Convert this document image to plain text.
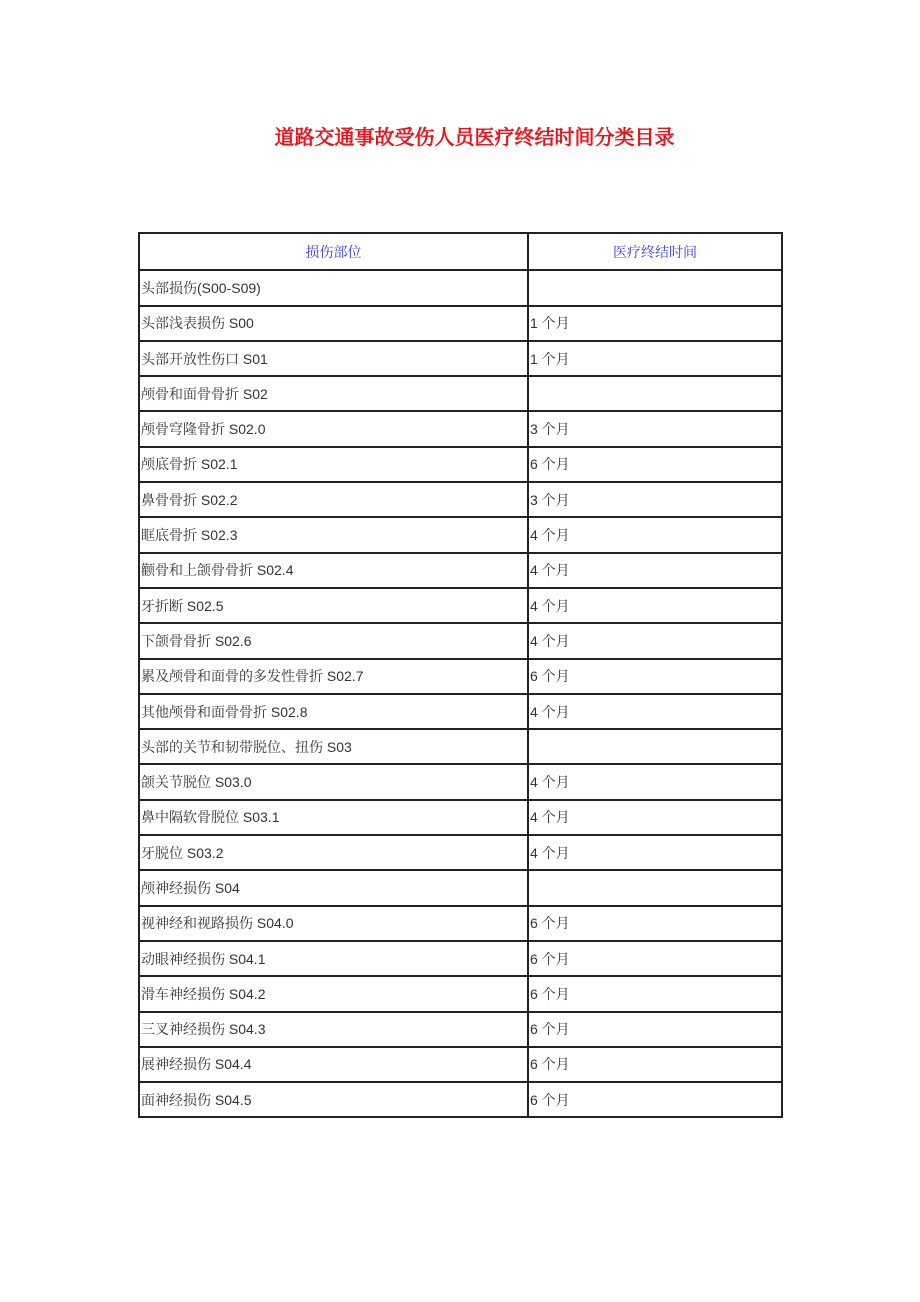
道路交通事故受伤人员医疗终结时间分类目录
损伤部位	医疗终结时间
头部损伤(S00-S09)	
头部浅表损伤 S00	1 个月
头部开放性伤口 S01	1 个月
颅骨和面骨骨折 S02	
颅骨穹隆骨折 S02.0	3 个月
颅底骨折 S02.1	6 个月
鼻骨骨折 S02.2	3 个月
眶底骨折 S02.3	4 个月
颧骨和上颌骨骨折 S02.4	4 个月
牙折断 S02.5	4 个月
下颌骨骨折 S02.6	4 个月
累及颅骨和面骨的多发性骨折 S02.7	6 个月
其他颅骨和面骨骨折 S02.8	4 个月
头部的关节和韧带脱位、扭伤 S03	
颌关节脱位 S03.0	4 个月
鼻中隔软骨脱位 S03.1	4 个月
牙脱位 S03.2	4 个月
颅神经损伤 S04	
视神经和视路损伤 S04.0	6 个月
动眼神经损伤 S04.1	6 个月
滑车神经损伤 S04.2	6 个月
三叉神经损伤 S04.3	6 个月
展神经损伤 S04.4	6 个月
面神经损伤 S04.5	6 个月
